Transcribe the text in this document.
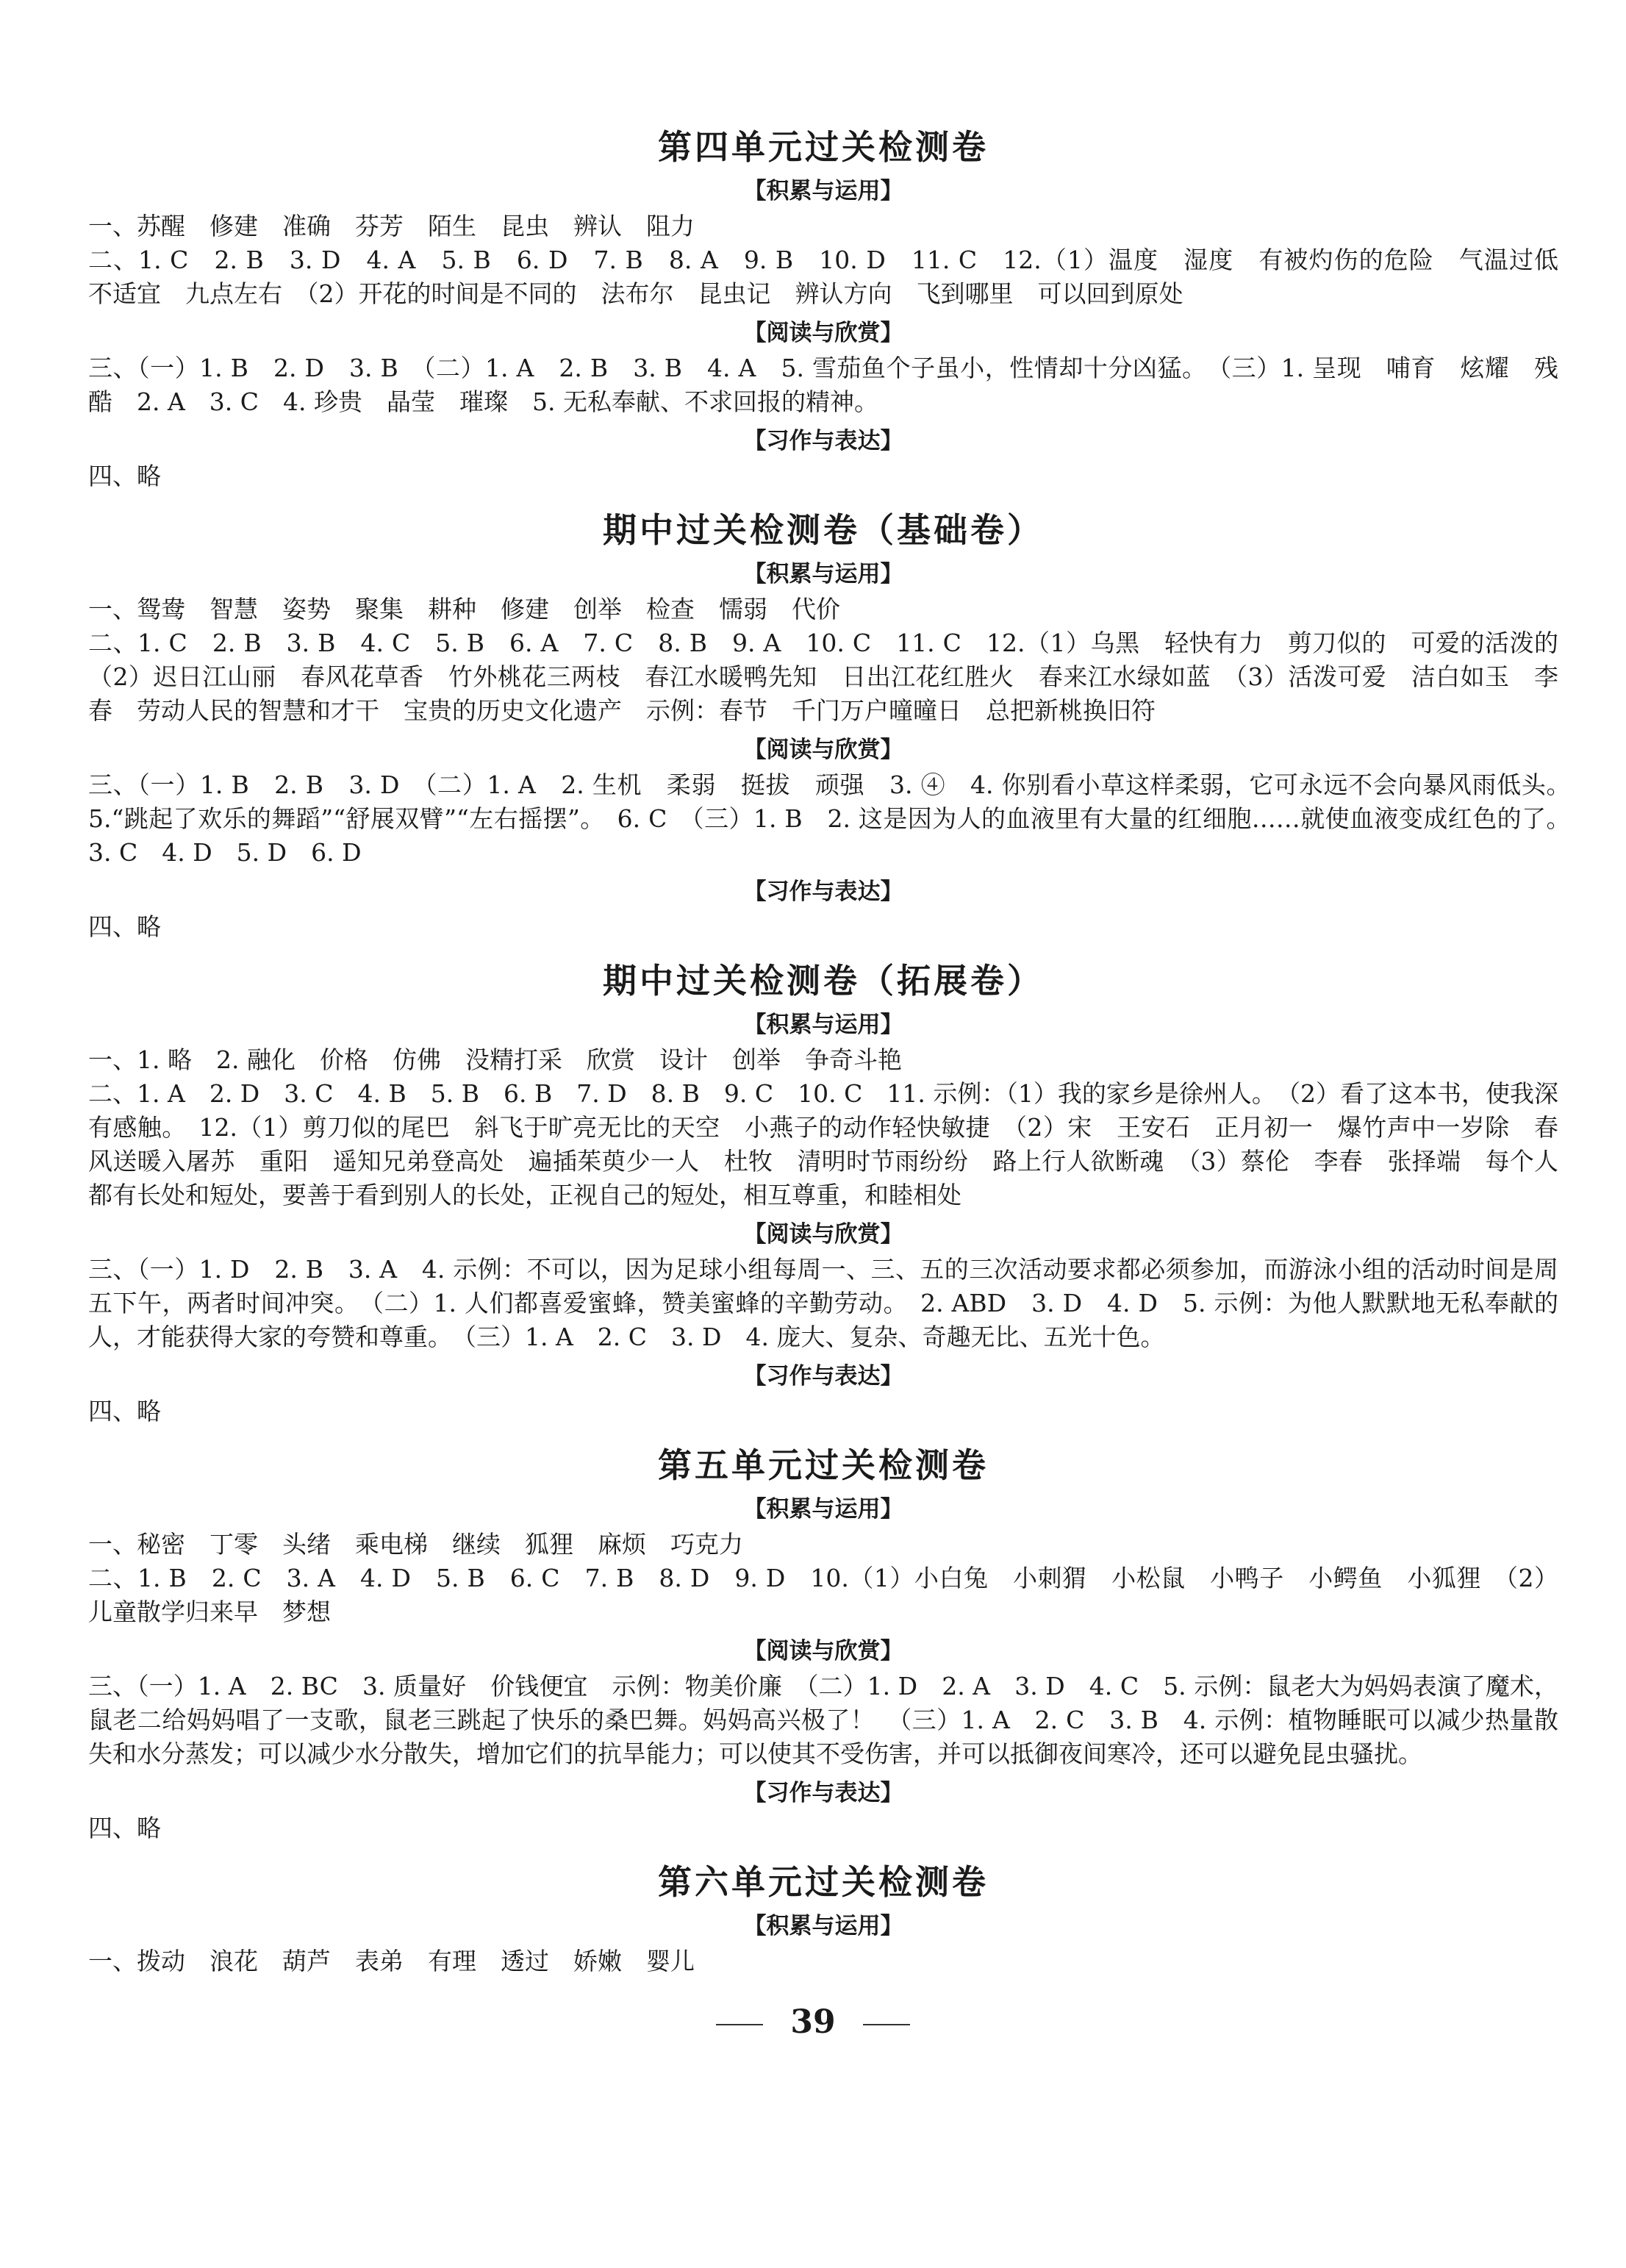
第四单元过关检测卷
【积累与运用】
一、苏醒　修建　准确　芬芳　陌生　昆虫　辨认　阻力
二、1. C　2. B　3. D　4. A　5. B　6. D　7. B　8. A　9. B　10. D　11. C　12.（1）温度　湿度　有被灼伤的危险　气温过低　不适宜　九点左右　（2）开花的时间是不同的　法布尔　昆虫记　辨认方向　飞到哪里　可以回到原处
【阅读与欣赏】
三、（一）1. B　2. D　3. B　（二）1. A　2. B　3. B　4. A　5. 雪茄鱼个子虽小，性情却十分凶猛。　（三）1. 呈现　哺育　炫耀　残酷　2. A　3. C　4. 珍贵　晶莹　璀璨　5. 无私奉献、不求回报的精神。
【习作与表达】
四、略
期中过关检测卷（基础卷）
【积累与运用】
一、鸳鸯　智慧　姿势　聚集　耕种　修建　创举　检查　懦弱　代价
二、1. C　2. B　3. B　4. C　5. B　6. A　7. C　8. B　9. A　10. C　11. C　12.（1）乌黑　轻快有力　剪刀似的　可爱的活泼的　（2）迟日江山丽　春风花草香　竹外桃花三两枝　春江水暖鸭先知　日出江花红胜火　春来江水绿如蓝　（3）活泼可爱　洁白如玉　李春　劳动人民的智慧和才干　宝贵的历史文化遗产　示例：春节　千门万户曈曈日　总把新桃换旧符
【阅读与欣赏】
三、（一）1. B　2. B　3. D　（二）1. A　2. 生机　柔弱　挺拔　顽强　3. ④　4. 你别看小草这样柔弱，它可永远不会向暴风雨低头。　5.“跳起了欢乐的舞蹈”“舒展双臂”“左右摇摆”。　6. C　（三）1. B　2. 这是因为人的血液里有大量的红细胞……就使血液变成红色的了。　3. C　4. D　5. D　6. D
【习作与表达】
四、略
期中过关检测卷（拓展卷）
【积累与运用】
一、1. 略　2. 融化　价格　仿佛　没精打采　欣赏　设计　创举　争奇斗艳
二、1. A　2. D　3. C　4. B　5. B　6. B　7. D　8. B　9. C　10. C　11. 示例：（1）我的家乡是徐州人。　（2）看了这本书，使我深有感触。　12.（1）剪刀似的尾巴　斜飞于旷亮无比的天空　小燕子的动作轻快敏捷　（2）宋　王安石　正月初一　爆竹声中一岁除　春风送暖入屠苏　重阳　遥知兄弟登高处　遍插茱萸少一人　杜牧　清明时节雨纷纷　路上行人欲断魂　（3）蔡伦　李春　张择端　每个人都有长处和短处，要善于看到别人的长处，正视自己的短处，相互尊重，和睦相处
【阅读与欣赏】
三、（一）1. D　2. B　3. A　4. 示例：不可以，因为足球小组每周一、三、五的三次活动要求都必须参加，而游泳小组的活动时间是周五下午，两者时间冲突。　（二）1. 人们都喜爱蜜蜂，赞美蜜蜂的辛勤劳动。　2. ABD　3. D　4. D　5. 示例：为他人默默地无私奉献的人，才能获得大家的夸赞和尊重。　（三）1. A　2. C　3. D　4. 庞大、复杂、奇趣无比、五光十色。
【习作与表达】
四、略
第五单元过关检测卷
【积累与运用】
一、秘密　丁零　头绪　乘电梯　继续　狐狸　麻烦　巧克力
二、1. B　2. C　3. A　4. D　5. B　6. C　7. B　8. D　9. D　10.（1）小白兔　小刺猬　小松鼠　小鸭子　小鳄鱼　小狐狸　（2）儿童散学归来早　梦想
【阅读与欣赏】
三、（一）1. A　2. BC　3. 质量好　价钱便宜　示例：物美价廉　（二）1. D　2. A　3. D　4. C　5. 示例：鼠老大为妈妈表演了魔术，鼠老二给妈妈唱了一支歌，鼠老三跳起了快乐的桑巴舞。妈妈高兴极了！　（三）1. A　2. C　3. B　4. 示例：植物睡眠可以减少热量散失和水分蒸发；可以减少水分散失，增加它们的抗旱能力；可以使其不受伤害，并可以抵御夜间寒冷，还可以避免昆虫骚扰。
【习作与表达】
四、略
第六单元过关检测卷
【积累与运用】
一、拨动　浪花　葫芦　表弟　有理　透过　娇嫩　婴儿
39
